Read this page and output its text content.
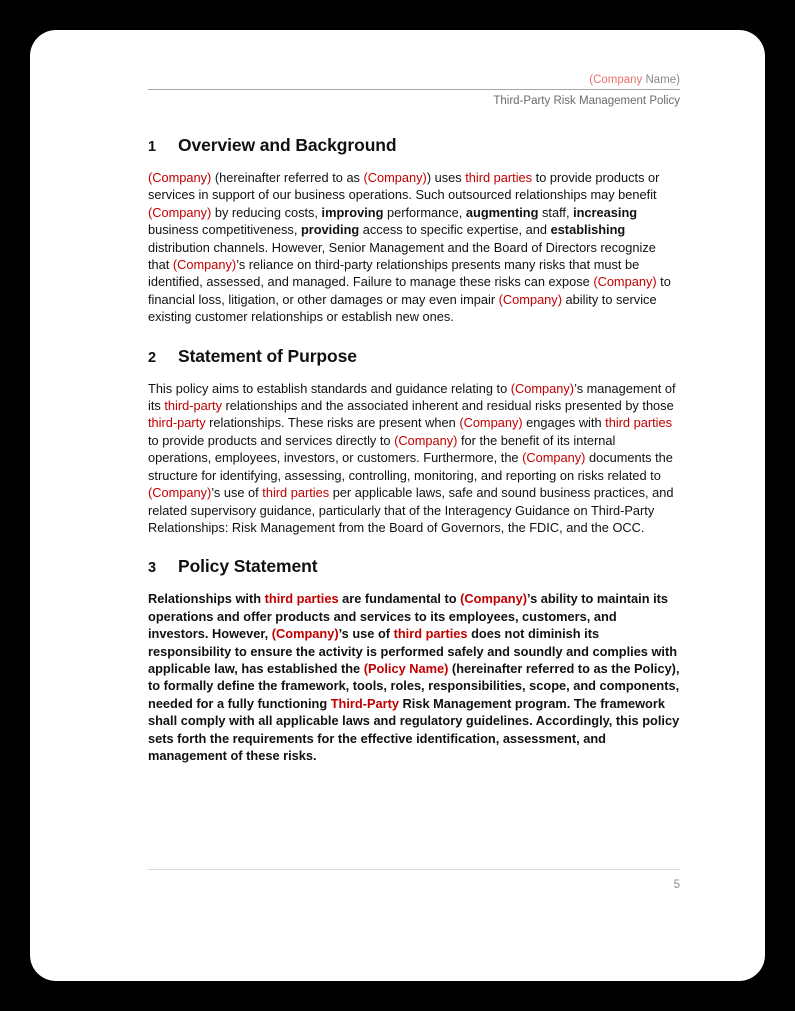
(Company Name)
Third-Party Risk Management Policy
1	Overview and Background

(Company) (hereinafter referred to as (Company)) uses third parties to provide products or services in support of our business operations. Such outsourced relationships may benefit (Company) by reducing costs, improving performance, augmenting staff, increasing business competitiveness, providing access to specific expertise, and establishing distribution channels. However, Senior Management and the Board of Directors recognize that (Company)’s reliance on third-party relationships presents many risks that must be identified, assessed, and managed. Failure to manage these risks can expose (Company) to financial loss, litigation, or other damages or may even impair (Company) ability to service existing customer relationships or establish new ones.

2	Statement of Purpose

This policy aims to establish standards and guidance relating to (Company)’s management of its third-party relationships and the associated inherent and residual risks presented by those third-party relationships. These risks are present when (Company) engages with third parties to provide products and services directly to (Company) for the benefit of its internal operations, employees, investors, or customers. Furthermore, the (Company) documents the structure for identifying, assessing, controlling, monitoring, and reporting on risks related to (Company)’s use of third parties per applicable laws, safe and sound business practices, and related supervisory guidance, particularly that of the Interagency Guidance on Third-Party Relationships: Risk Management from the Board of Governors, the FDIC, and the OCC.

3	Policy Statement

Relationships with third parties are fundamental to (Company)’s ability to maintain its operations and offer products and services to its employees, customers, and investors. However, (Company)’s use of third parties does not diminish its responsibility to ensure the activity is performed safely and soundly and complies with applicable law, has established the (Policy Name) (hereinafter referred to as the Policy), to formally define the framework, tools, roles, responsibilities, scope, and components, needed for a fully functioning Third-Party Risk Management program. The framework shall comply with all applicable laws and regulatory guidelines. Accordingly, this policy sets forth the requirements for the effective identification, assessment, and management of these risks.

5
